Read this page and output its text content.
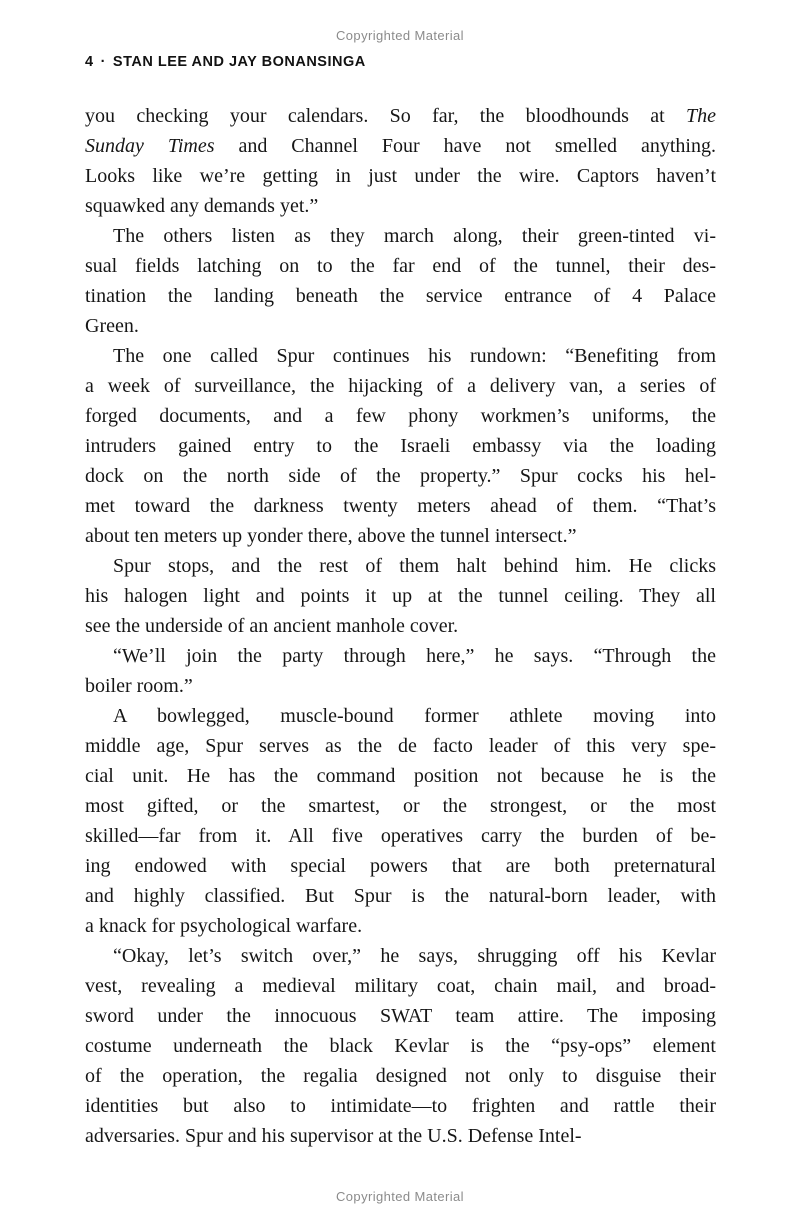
Copyrighted Material
4 · STAN LEE AND JAY BONANSINGA
you checking your calendars. So far, the bloodhounds at The
Sunday Times and Channel Four have not smelled anything.
Looks like we’re getting in just under the wire. Captors haven’t
squawked any demands yet.”
The others listen as they march along, their green-tinted vi-
sual fields latching on to the far end of the tunnel, their des-
tination the landing beneath the service entrance of 4 Palace
Green.
The one called Spur continues his rundown: “Benefiting from
a week of surveillance, the hijacking of a delivery van, a series of
forged documents, and a few phony workmen’s uniforms, the
intruders gained entry to the Israeli embassy via the loading
dock on the north side of the property.” Spur cocks his hel-
met toward the darkness twenty meters ahead of them. “That’s
about ten meters up yonder there, above the tunnel intersect.”
Spur stops, and the rest of them halt behind him. He clicks
his halogen light and points it up at the tunnel ceiling. They all
see the underside of an ancient manhole cover.
“We’ll join the party through here,” he says. “Through the
boiler room.”
A bowlegged, muscle-bound former athlete moving into
middle age, Spur serves as the de facto leader of this very spe-
cial unit. He has the command position not because he is the
most gifted, or the smartest, or the strongest, or the most
skilled—far from it. All five operatives carry the burden of be-
ing endowed with special powers that are both preternatural
and highly classified. But Spur is the natural-born leader, with
a knack for psychological warfare.
“Okay, let’s switch over,” he says, shrugging off his Kevlar
vest, revealing a medieval military coat, chain mail, and broad-
sword under the innocuous SWAT team attire. The imposing
costume underneath the black Kevlar is the “psy-ops” element
of the operation, the regalia designed not only to disguise their
identities but also to intimidate—to frighten and rattle their
adversaries. Spur and his supervisor at the U.S. Defense Intel-
Copyrighted Material
